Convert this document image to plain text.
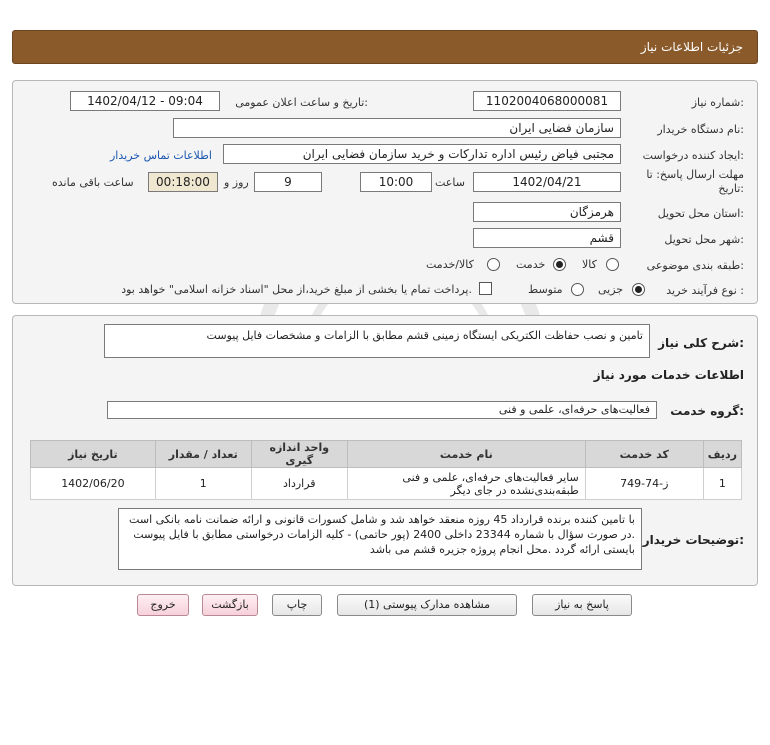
جزئیات اطلاعات نیاز
شماره نیاز:
1102004068000081
تاریخ و ساعت اعلان عمومی:
1402/04/12 - 09:04
نام دستگاه خریدار:
سازمان فضایی ایران
ایجاد کننده درخواست:
مجتبی فیاض رئیس اداره تدارکات و خرید سازمان فضایی ایران
اطلاعات تماس خریدار
مهلت ارسال پاسخ: تا
تاریخ:
1402/04/21
ساعت
10:00
9
روز و
00:18:00
ساعت باقی مانده
استان محل تحویل:
هرمزگان
شهر محل تحویل:
قشم
طبقه بندی موضوعی:
کالا
خدمت
کالا/خدمت
نوع فرآیند خرید :
جزیی
متوسط
پرداخت تمام یا بخشی از مبلغ خرید،از محل "اسناد خزانه اسلامی" خواهد بود.
شرح کلی نیاز:
تامین و نصب حفاظت الکتریکی ایستگاه زمینی قشم مطابق با الزامات و مشخصات فایل پیوست
اطلاعات خدمات مورد نیاز
گروه خدمت:
فعالیت‌های حرفه‌ای، علمی و فنی
ردیف	کد خدمت	نام خدمت	واحد اندازه گیری	تعداد / مقدار	تاریخ نیاز
1	ز-74-749	سایر فعالیت‌های حرفه‌ای، علمی و فنی طبقه‌بندی‌نشده در جای دیگر	قرارداد	1	1402/06/20
توضیحات خریدار:
با تامین کننده برنده قرارداد 45 روزه منعقد خواهد شد و شامل کسورات قانونی و ارائه ضمانت نامه بانکی است .در صورت سؤال با شماره 23344 داخلی 2400 (پور حاتمی) - کلیه الزامات درخواستی مطابق با فایل پیوست بایستی ارائه گردد .محل انجام پروژه جزیره قشم می باشد
پاسخ به نیاز
مشاهده مدارک پیوستی (1)
چاپ
بازگشت
خروج
